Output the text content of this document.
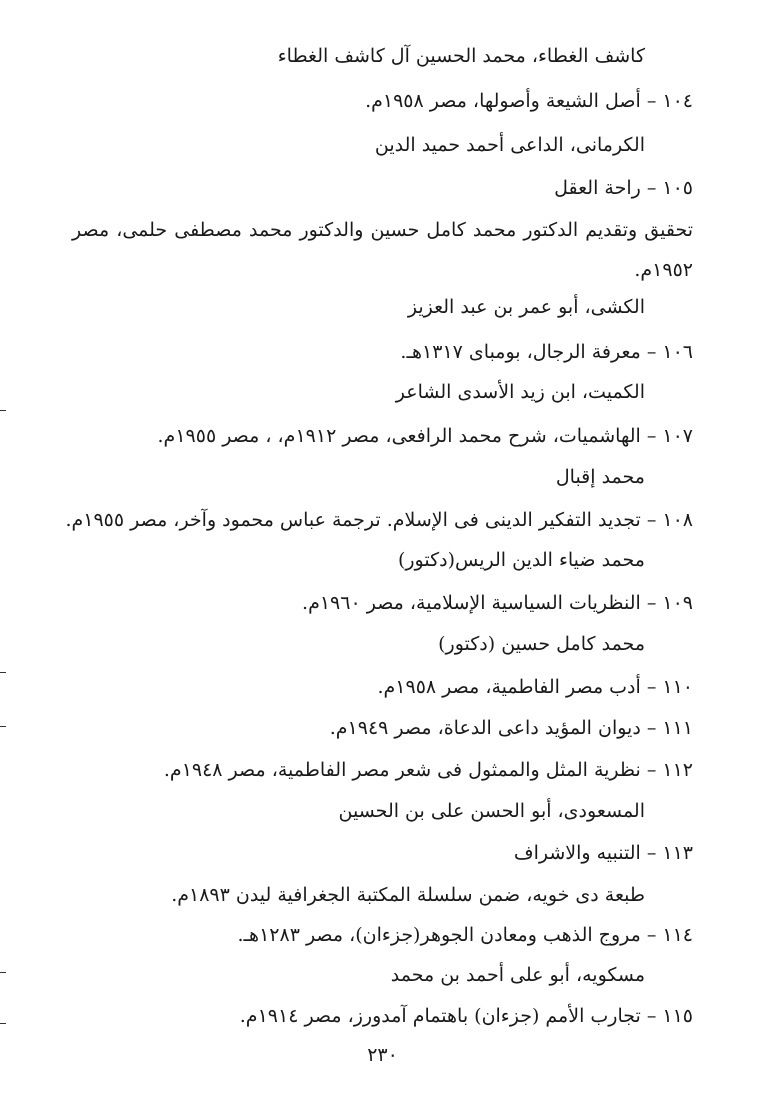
كاشف الغطاء، محمد الحسين آل كاشف الغطاء
١٠٤ – أصل الشيعة وأصولها، مصر ١٩٥٨م.
الكرمانى، الداعى أحمد حميد الدين
١٠٥ – راحة العقل
تحقيق وتقديم الدكتور محمد كامل حسين والدكتور محمد مصطفى حلمى، مصر ١٩٥٢م.
الكشى، أبو عمر بن عبد العزيز
١٠٦ – معرفة الرجال، بومباى ١٣١٧هـ.
الكميت، ابن زيد الأسدى الشاعر
١٠٧ – الهاشميات، شرح محمد الرافعى، مصر ١٩١٢م، ، مصر ١٩٥٥م.
محمد إقبال
١٠٨ – تجديد التفكير الدينى فى الإسلام. ترجمة عباس محمود وآخر، مصر ١٩٥٥م.
محمد ضياء الدين الريس(دكتور)
١٠٩ – النظريات السياسية الإسلامية، مصر ١٩٦٠م.
محمد كامل حسين (دكتور)
١١٠ – أدب مصر الفاطمية، مصر ١٩٥٨م.
١١١ – ديوان المؤيد داعى الدعاة، مصر ١٩٤٩م.
١١٢ – نظرية المثل والممثول فى شعر مصر الفاطمية، مصر ١٩٤٨م.
المسعودى، أبو الحسن على بن الحسين
١١٣ – التنبيه والاشراف
طبعة دى خويه، ضمن سلسلة المكتبة الجغرافية ليدن ١٨٩٣م.
١١٤ – مروج الذهب ومعادن الجوهر(جزءان)، مصر ١٢٨٣هـ.
مسكويه، أبو على أحمد بن محمد
١١٥ – تجارب الأمم (جزءان) باهتمام آمدورز، مصر ١٩١٤م.
٢٣٠
